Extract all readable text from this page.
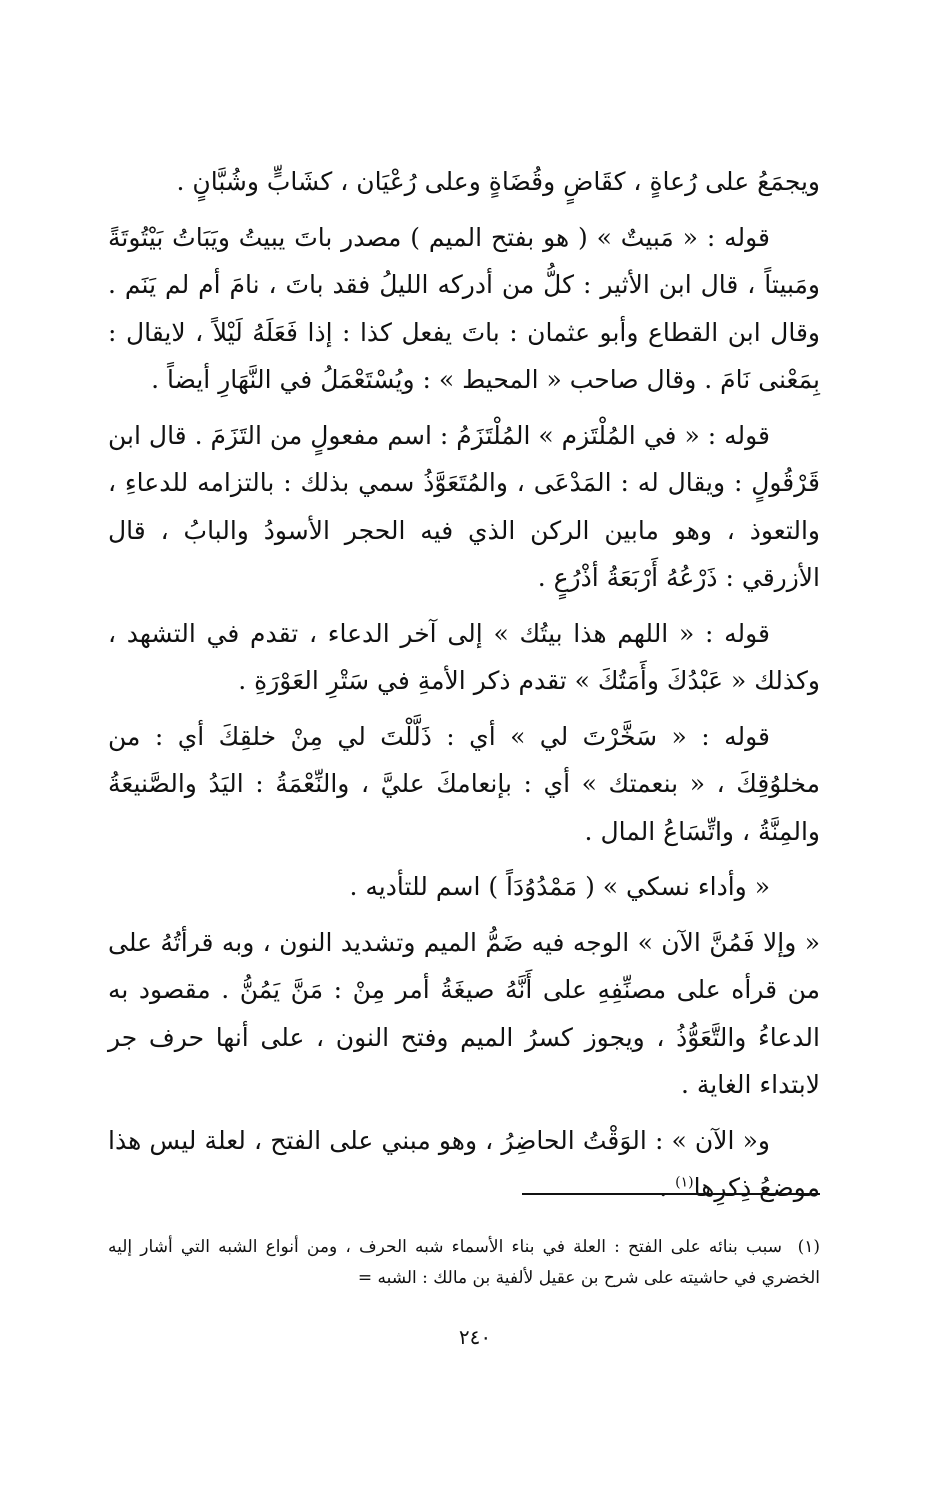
ويجمَعُ على رُعاةٍ ، كقَاضٍ وقُضَاةٍ وعلى رُعْيَان ، كشَابٍّ وشُبَّانٍ .

قوله : « مَبيتٌ » ( هو بفتح الميم ) مصدر باتَ يبيتُ ويَبَاتُ بَيْتُوتَةً ومَبيتاً ، قال ابن الأثير : كلُّ من أدركه الليلُ فقد باتَ ، نامَ أم لم يَنَم . وقال ابن القطاع وأبو عثمان : باتَ يفعل كذا : إذا فَعَلَهُ لَيْلاً ، لايقال : بِمَعْنى نَامَ . وقال صاحب « المحيط » : ويُسْتَعْمَلُ في النَّهَارِ أيضاً .

قوله : « في المُلْتَزم » المُلْتَزَمُ : اسم مفعولٍ من التَزَمَ . قال ابن قَرْقُولٍ : ويقال له : المَدْعَى ، والمُتَعَوَّذُ سمي بذلك : بالتزامه للدعاءِ ، والتعوذ ، وهو مابين الركن الذي فيه الحجر الأسودُ والبابُ ، قال الأزرقي : ذَرْعُهُ أَرْبَعَةُ أذْرُعٍ .

قوله : « اللهم هذا بيتُك » إلى آخر الدعاء ، تقدم في التشهد ، وكذلك « عَبْدُكَ وأَمَتُكَ » تقدم ذكر الأمةِ في سَتْرِ العَوْرَةِ .

قوله : « سَخَّرْتَ لي » أي : ذَلَّلْتَ لي مِنْ خلقِكَ أي : من مخلوُقِكَ ، « بنعمتك » أي : بإنعامكَ عليَّ ، والنِّعْمَةُ : اليَدُ والصَّنيعَةُ والمِنَّةُ ، واتِّسَاعُ المال .

« وأداء نسكي » ( مَمْدُوُدَاً ) اسم للتأديه .

« وإلا فَمُنَّ الآن » الوجه فيه ضَمُّ الميم وتشديد النون ، وبه قرأتُهُ على من قرأه على مصنِّفِهِ على أَنَّهُ صيغَةُ أمر مِنْ : مَنَّ يَمُنُّ . مقصود به الدعاءُ والتَّعَوُّذُ ، ويجوز كسرُ الميم وفتح النون ، على أنها حرف جر لابتداء الغاية .

و« الآن » : الوَقْتُ الحاضِرُ ، وهو مبني على الفتح ، لعلة ليس هذا موضعُ ذِكرِها$^{(١)}$ .

(١)سبب بنائه على الفتح : العلة في بناء الأسماء شبه الحرف ، ومن أنواع الشبه التي أشار إليه الخضري في حاشيته على شرح بن عقيل لألفية بن مالك : الشبه =
٢٤٠
